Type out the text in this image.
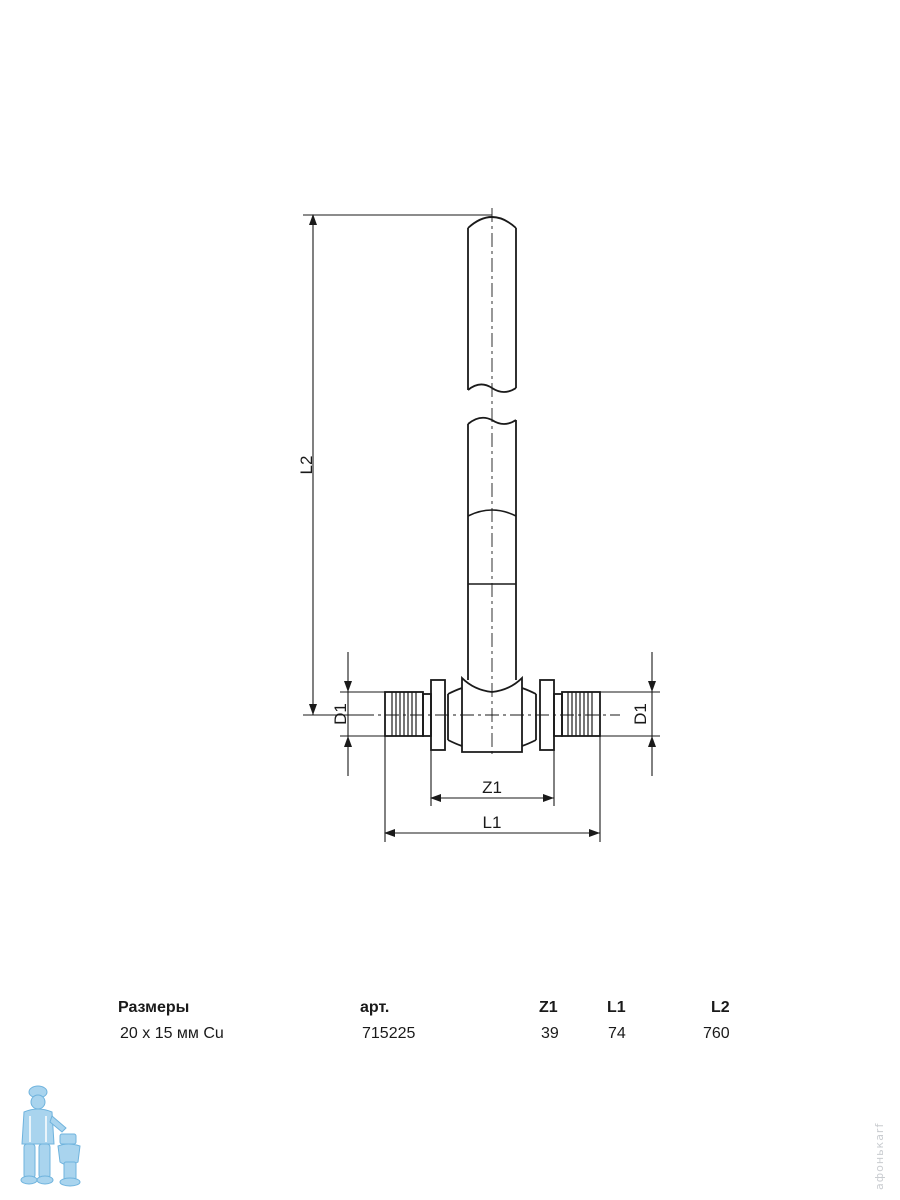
L2
D1	D1
Z1
L1
Размеры	арт.	Z1	L1	L2
20 x 15 мм Cu	715225	39	74	760
афонькаrf
